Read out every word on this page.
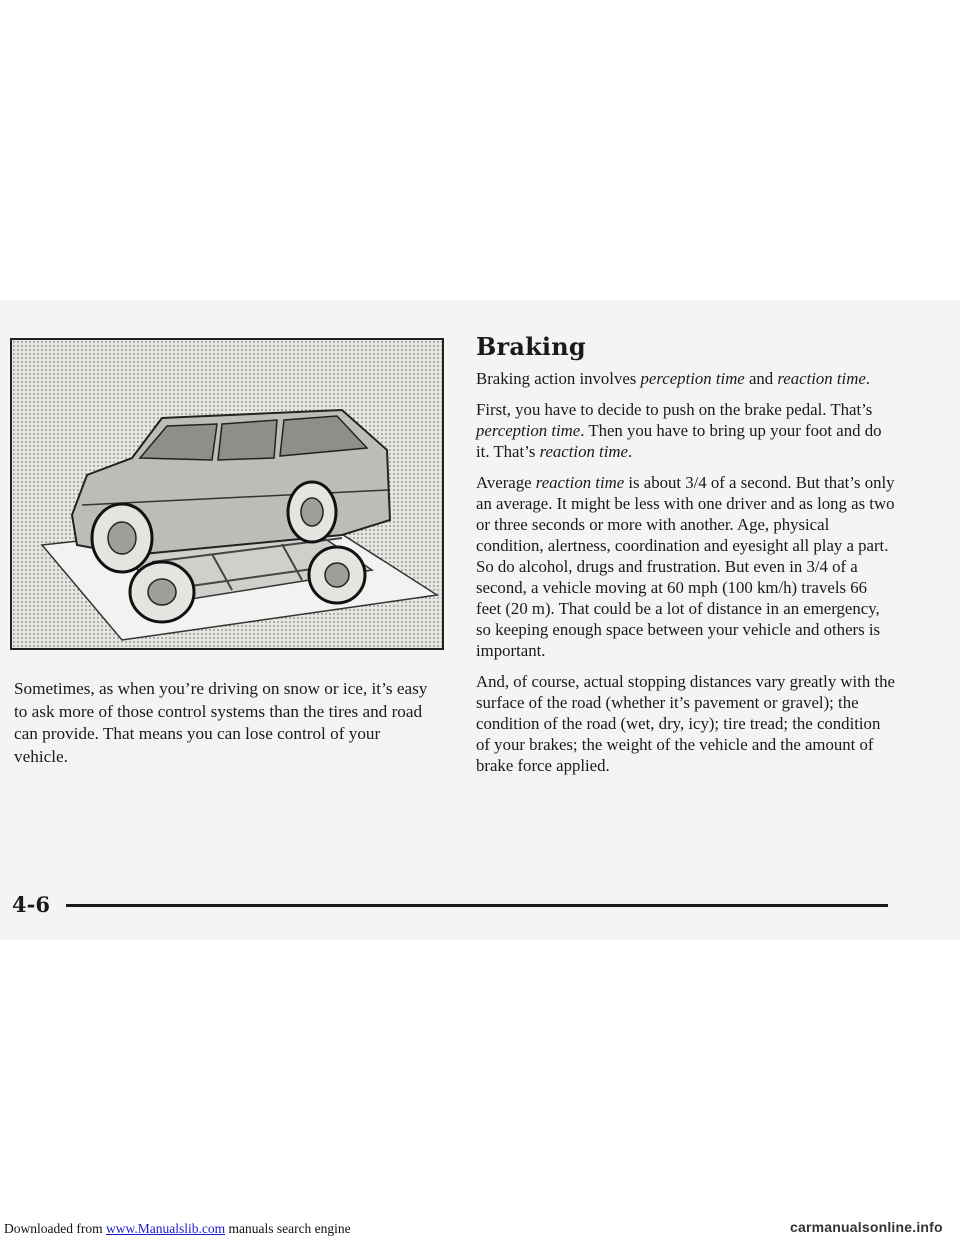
Sometimes, as when you’re driving on snow or ice, it’s easy to ask more of those control systems than the tires and road can provide. That means you can lose control of your vehicle.

Braking

Braking action involves perception time and reaction time.

First, you have to decide to push on the brake pedal. That’s perception time. Then you have to bring up your foot and do it. That’s reaction time.

Average reaction time is about 3/4 of a second. But that’s only an average. It might be less with one driver and as long as two or three seconds or more with another. Age, physical condition, alertness, coordination and eyesight all play a part. So do alcohol, drugs and frustration. But even in 3/4 of a second, a vehicle moving at 60 mph (100 km/h) travels 66 feet (20 m). That could be a lot of distance in an emergency, so keeping enough space between your vehicle and others is important.

And, of course, actual stopping distances vary greatly with the surface of the road (whether it’s pavement or gravel); the condition of the road (wet, dry, icy); tire tread; the condition of your brakes; the weight of the vehicle and the amount of brake force applied.

4-6
Downloaded from www.Manualslib.com manuals search engine	carmanualsonline.info
